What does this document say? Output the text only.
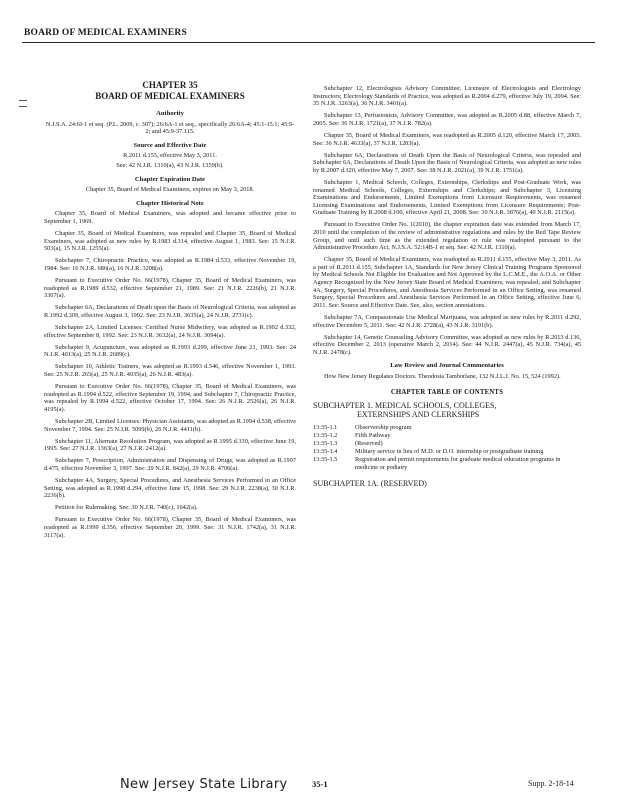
BOARD OF MEDICAL EXAMINERS
CHAPTER 35
BOARD OF MEDICAL EXAMINERS
Authority

N.J.S.A. 24:6I-1 et seq. (P.L. 2009, c. 307); 26:6A-1 et seq., specifically 26:6A-4; 45:1-15.1; 45:9-2; and 45:9-37.115.

Source and Effective Date

R.2011 d.155, effective May 3, 2011.

See: 42 N.J.R. 1310(a), 43 N.J.R. 1359(b).

Chapter Expiration Date

Chapter 35, Board of Medical Examiners, expires on May 3, 2018.

Chapter Historical Note

Chapter 35, Board of Medical Examiners, was adopted and became effective prior to September 1, 1969.

Chapter 35, Board of Medical Examiners, was repealed and Chapter 35, Board of Medical Examiners, was adopted as new rules by R.1983 d.314, effective August 1, 1983. See: 15 N.J.R. 503(a), 15 N.J.R. 1255(a).

Subchapter 7, Chiropractic Practice, was adopted as R.1984 d.533, effective November 19, 1984. See: 16 N.J.R. 686(a), 16 N.J.R. 3208(a).

Pursuant to Executive Order No. 66(1978), Chapter 35, Board of Medical Examiners, was readopted as R.1989 d.532, effective September 21, 1989. See: 21 N.J.R. 2226(b), 21 N.J.R. 3307(a).

Subchapter 6A, Declarations of Death upon the Basis of Neurological Criteria, was adopted as R.1992 d.309, effective August 3, 1992. See: 23 N.J.R. 3635(a), 24 N.J.R. 2731(c).

Subchapter 2A, Limited Licenses: Certified Nurse Midwifery, was adopted as R.1992 d.332, effective September 8, 1992. See: 23 N.J.R. 3632(a), 24 N.J.R. 3094(a).

Subchapter 9, Acupuncture, was adopted as R.1993 d.299, effective June 21, 1993. See: 24 N.J.R. 4013(a), 25 N.J.R. 2689(c).

Subchapter 10, Athletic Trainers, was adopted as R.1993 d.546, effective November 1, 1993. See: 25 N.J.R. 265(a), 25 N.J.R. 4935(a), 26 N.J.R. 483(a).

Pursuant to Executive Order No. 66(1978), Chapter 35, Board of Medical Examiners, was readopted as R.1994 d.522, effective September 19, 1994, and Subchapter 7, Chiropractic Practice, was repealed by R.1994 d.522, effective October 17, 1994. See: 26 N.J.R. 2526(a), 26 N.J.R. 4195(a).

Subchapter 2B, Limited Licenses: Physician Assistants, was adopted as R.1994 d.538, effective November 7, 1994. See: 25 N.J.R. 5099(b), 26 N.J.R. 4411(b).

Subchapter 11, Alternate Resolution Program, was adopted as R.1995 d.339, effective June 19, 1995. See: 27 N.J.R. 1363(a), 27 N.J.R. 2412(a).

Subchapter 7, Prescription, Administration and Dispensing of Drugs, was adopted as R.1997 d.475, effective November 3, 1997. See: 29 N.J.R. 842(a), 29 N.J.R. 4706(a).

Subchapter 4A, Surgery, Special Procedures, and Anesthesia Services Performed in an Office Setting, was adopted as R.1998 d.294, effective June 15, 1998. See: 29 N.J.R. 2238(a), 30 N.J.R. 2236(b).

Petition for Rulemaking. See: 30 N.J.R. 740(c), 1642(a).

Pursuant to Executive Order No. 66(1978), Chapter 35, Board of Medical Examiners, was readopted as R.1999 d.356, effective September 20, 1999. See: 31 N.J.R. 1742(a), 31 N.J.R. 3117(a).

Subchapter 12, Electrologists Advisory Committee; Licensure of Electrologists and Electrology Instructors; Electrology Standards of Practice, was adopted as R.2004 d.279, effective July 19, 2004. See: 35 N.J.R. 3263(a), 36 N.J.R. 3401(a).

Subchapter 13, Perfusionists, Advisory Committee, was adopted as R.2005 d.88, effective March 7, 2005. See: 36 N.J.R. 1721(a), 37 N.J.R. 782(a).

Chapter 35, Board of Medical Examiners, was readopted as R.2005 d.120, effective March 17, 2005. See: 36 N.J.R. 4633(a), 37 N.J.R. 1203(a).

Subchapter 6A, Declarations of Death Upon the Basis of Neurological Criteria, was repealed and Subchapter 6A, Declarations of Death Upon the Basis of Neurological Criteria, was adopted as new rules by R.2007 d.120, effective May 7, 2007. See: 38 N.J.R. 2021(a), 39 N.J.R. 1751(a).

Subchapter 1, Medical Schools, Colleges, Externships, Clerkships and Post-Graduate Work, was renamed Medical Schools, Colleges, Externships and Clerkships; and Subchapter 3, Licensing Examinations and Endorsements, Limited Exemptions from Licensure Requirements, was renamed Licensing Examinations and Endorsements, Limited Exemptions from Licensure Requirements; Post-Graduate Training by R.2008 d.100, effective April 21, 2008. See: 39 N.J.R. 3876(a), 40 N.J.R. 2115(a).

Pursuant to Executive Order No. 1(2010), the chapter expiration date was extended from March 17, 2010 until the completion of the review of administrative regulations and rules by the Red Tape Review Group, and until such time as the extended regulation or rule was readopted pursuant to the Administrative Procedure Act, N.J.S.A. 52:14B-1 et seq. See: 42 N.J.R. 1310(a).

Chapter 35, Board of Medical Examiners, was readopted as R.2011 d.155, effective May 3, 2011. As a part of R.2011 d.155, Subchapter 1A, Standards for New Jersey Clinical Training Programs Sponsored by Medical Schools Not Eligible for Evaluation and Not Approved by the L.C.M.E., the A.O.A. or Other Agency Recognized by the New Jersey State Board of Medical Examiners, was repealed; and Subchapter 4A, Surgery, Special Procedures, and Anesthesia Services Performed in an Office Setting, was renamed Surgery, Special Procedures and Anesthesia Services Performed in an Office Setting, effective June 6, 2011. See: Source and Effective Date. See, also, section annotations.

Subchapter 7A, Compassionate Use Medical Marijuana, was adopted as new rules by R.2011 d.292, effective December 5, 2011. See: 42 N.J.R. 2728(a), 43 N.J.R. 3191(b).

Subchapter 14, Genetic Counseling Advisory Committee, was adopted as new rules by R.2013 d.136, effective December 2, 2013 (operative March 2, 2014). See: 44 N.J.R. 2447(a), 45 N.J.R. 734(a), 45 N.J.R. 2478(c).

Law Review and Journal Commentaries

How New Jersey Regulates Doctors. Theodosia Tamborlane, 132 N.J.L.J. No. 15, 524 (1992).

CHAPTER TABLE OF CONTENTS
SUBCHAPTER 1. MEDICAL SCHOOLS, COLLEGES,
EXTERNSHIPS AND CLERKSHIPS
13:35-1.1	Observership program
13:35-1.2	Fifth Pathway
13:35-1.3	(Reserved)
13:35-1.4	Military service in lieu of M.D. or D.O. internship or postgraduate training
13:35-1.5	Registration and permit requirements for graduate medical education programs in medicine or podiatry
SUBCHAPTER 1A. (RESERVED)
New Jersey State Library	35-1	Supp. 2-18-14
